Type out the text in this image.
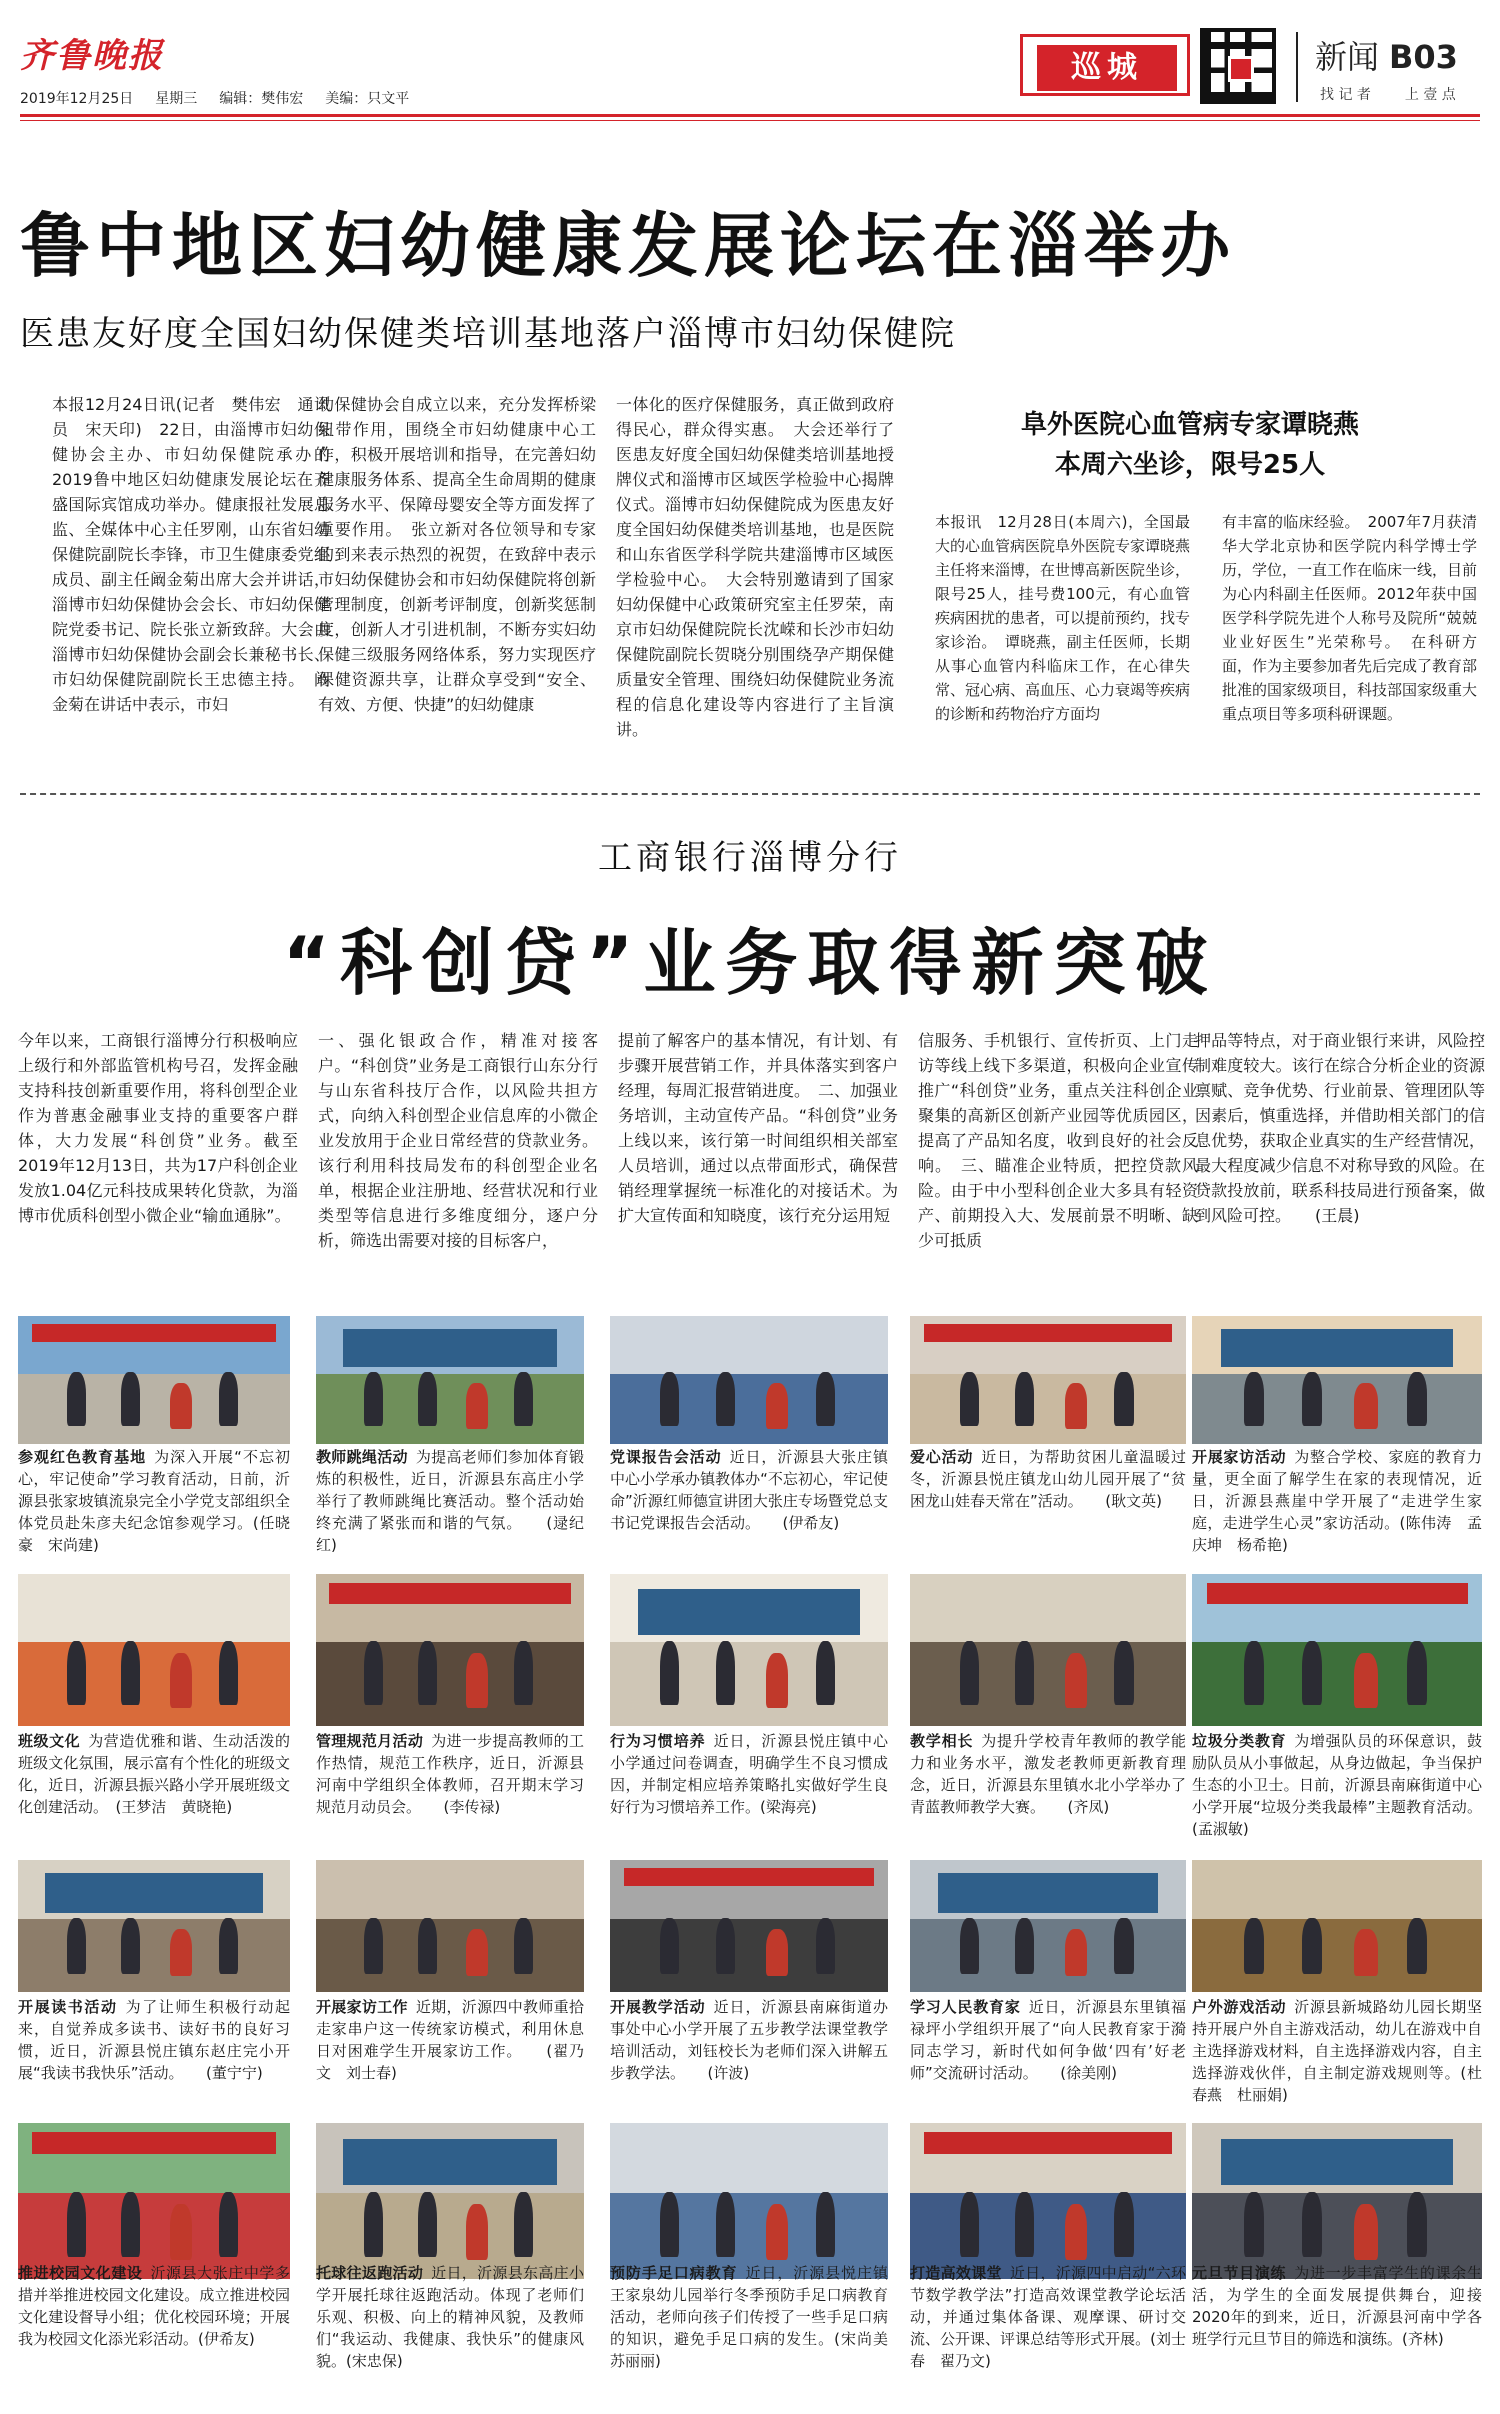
齐鲁晚报
2019年12月25日 星期三 编辑：樊伟宏 美编：只文平
巡城	新闻 B03
找 记 者 上 壹 点
鲁中地区妇幼健康发展论坛在淄举办
医患友好度全国妇幼保健类培训基地落户淄博市妇幼保健院
本报12月24日讯(记者　樊伟宏　通讯员　宋天印)　22日，由淄博市妇幼保健协会主办、市妇幼保健院承办的2019鲁中地区妇幼健康发展论坛在齐盛国际宾馆成功举办。健康报社发展总监、全媒体中心主任罗刚，山东省妇幼保健院副院长李锋，市卫生健康委党组成员、副主任阚金菊出席大会并讲话，淄博市妇幼保健协会会长、市妇幼保健院党委书记、院长张立新致辞。大会由淄博市妇幼保健协会副会长兼秘书长、市妇幼保健院副院长王忠德主持。　阚金菊在讲话中表示，市妇
幼保健协会自成立以来，充分发挥桥梁纽带作用，围绕全市妇幼健康中心工作，积极开展培训和指导，在完善妇幼健康服务体系、提高全生命周期的健康服务水平、保障母婴安全等方面发挥了重要作用。　张立新对各位领导和专家的到来表示热烈的祝贺，在致辞中表示市妇幼保健协会和市妇幼保健院将创新管理制度，创新考评制度，创新奖惩制度，创新人才引进机制，不断夯实妇幼保健三级服务网络体系，努力实现医疗保健资源共享，让群众享受到“安全、有效、方便、快捷”的妇幼健康
一体化的医疗保健服务，真正做到政府得民心，群众得实惠。　大会还举行了医患友好度全国妇幼保健类培训基地授牌仪式和淄博市区域医学检验中心揭牌仪式。淄博市妇幼保健院成为医患友好度全国妇幼保健类培训基地，也是医院和山东省医学科学院共建淄博市区域医学检验中心。　大会特别邀请到了国家妇幼保健中心政策研究室主任罗荣，南京市妇幼保健院院长沈嵘和长沙市妇幼保健院副院长贺晓分别围绕孕产期保健质量安全管理、围绕妇幼保健院业务流程的信息化建设等内容进行了主旨演讲。
阜外医院心血管病专家谭晓燕
本周六坐诊，限号25人
本报讯　12月28日(本周六)，全国最大的心血管病医院阜外医院专家谭晓燕主任将来淄博，在世博高新医院坐诊，限号25人，挂号费100元，有心血管疾病困扰的患者，可以提前预约，找专家诊治。　谭晓燕，副主任医师，长期从事心血管内科临床工作，在心律失常、冠心病、高血压、心力衰竭等疾病的诊断和药物治疗方面均
有丰富的临床经验。　2007年7月获清华大学北京协和医学院内科学博士学历，学位，一直工作在临床一线，目前为心内科副主任医师。2012年获中国医学科学院先进个人称号及院所“兢兢业业好医生”光荣称号。　在科研方面，作为主要参加者先后完成了教育部批准的国家级项目，科技部国家级重大重点项目等多项科研课题。
工商银行淄博分行
“科创贷”业务取得新突破
今年以来，工商银行淄博分行积极响应上级行和外部监管机构号召，发挥金融支持科技创新重要作用，将科创型企业作为普惠金融事业支持的重要客户群体，大力发展“科创贷”业务。截至2019年12月13日，共为17户科创企业发放1.04亿元科技成果转化贷款，为淄博市优质科创型小微企业“输血通脉”。
一、强化银政合作，精准对接客户。“科创贷”业务是工商银行山东分行与山东省科技厅合作，以风险共担方式，向纳入科创型企业信息库的小微企业发放用于企业日常经营的贷款业务。该行利用科技局发布的科创型企业名单，根据企业注册地、经营状况和行业类型等信息进行多维度细分，逐户分析，筛选出需要对接的目标客户，
提前了解客户的基本情况，有计划、有步骤开展营销工作，并具体落实到客户经理，每周汇报营销进度。　二、加强业务培训，主动宣传产品。“科创贷”业务上线以来，该行第一时间组织相关部室人员培训，通过以点带面形式，确保营销经理掌握统一标准化的对接话术。为扩大宣传面和知晓度，该行充分运用短
信服务、手机银行、宣传折页、上门走访等线上线下多渠道，积极向企业宣传推广“科创贷”业务，重点关注科创企业聚集的高新区创新产业园等优质园区，提高了产品知名度，收到良好的社会反响。　三、瞄准企业特质，把控贷款风险。由于中小型科创企业大多具有轻资产、前期投入大、发展前景不明晰、缺少可抵质
押品等特点，对于商业银行来讲，风险控制难度较大。该行在综合分析企业的资源禀赋、竞争优势、行业前景、管理团队等因素后，慎重选择，并借助相关部门的信息优势，获取企业真实的生产经营情况，最大程度减少信息不对称导致的风险。在贷款投放前，联系科技局进行预备案，做到风险可控。　　(王晨)
参观红色教育基地 为深入开展“不忘初心，牢记使命”学习教育活动，日前，沂源县张家坡镇流泉完全小学党支部组织全体党员赴朱彦夫纪念馆参观学习。(任晓豪　宋尚建)
教师跳绳活动 为提高老师们参加体育锻炼的积极性，近日，沂源县东高庄小学举行了教师跳绳比赛活动。整个活动始终充满了紧张而和谐的气氛。　　(逯纪红)
党课报告会活动 近日，沂源县大张庄镇中心小学承办镇教体办“不忘初心，牢记使命”沂源红师德宣讲团大张庄专场暨党总支书记党课报告会活动。　　(伊希友)
爱心活动 近日，为帮助贫困儿童温暖过冬，沂源县悦庄镇龙山幼儿园开展了“贫困龙山娃春天常在”活动。　　(耿文英)
开展家访活动 为整合学校、家庭的教育力量，更全面了解学生在家的表现情况，近日，沂源县燕崖中学开展了“走进学生家庭，走进学生心灵”家访活动。(陈伟涛　孟庆坤　杨希艳)
班级文化 为营造优雅和谐、生动活泼的班级文化氛围，展示富有个性化的班级文化，近日，沂源县振兴路小学开展班级文化创建活动。　(王梦洁　黄晓艳)
管理规范月活动 为进一步提高教师的工作热情，规范工作秩序，近日，沂源县河南中学组织全体教师，召开期末学习规范月动员会。　　(李传禄)
行为习惯培养 近日，沂源县悦庄镇中心小学通过问卷调查，明确学生不良习惯成因，并制定相应培养策略扎实做好学生良好行为习惯培养工作。(梁海亮)
教学相长 为提升学校青年教师的教学能力和业务水平，激发老教师更新教育理念，近日，沂源县东里镇水北小学举办了青蓝教师教学大赛。　　(齐凤)
垃圾分类教育 为增强队员的环保意识，鼓励队员从小事做起，从身边做起，争当保护生态的小卫士。日前，沂源县南麻街道中心小学开展“垃圾分类我最棒”主题教育活动。(孟淑敏)
开展读书活动 为了让师生积极行动起来，自觉养成多读书、读好书的良好习惯，近日，沂源县悦庄镇东赵庄完小开展“我读书我快乐”活动。　　(董宁宁)
开展家访工作 近期，沂源四中教师重拾走家串户这一传统家访模式，利用休息日对困难学生开展家访工作。　　(翟乃文　刘士春)
开展教学活动 近日，沂源县南麻街道办事处中心小学开展了五步教学法课堂教学培训活动，刘钰校长为老师们深入讲解五步教学法。　　(许波)
学习人民教育家 近日，沂源县东里镇福禄坪小学组织开展了“向人民教育家于漪同志学习，新时代如何争做‘四有’好老师”交流研讨活动。　　(徐美刚)
户外游戏活动 沂源县新城路幼儿园长期坚持开展户外自主游戏活动，幼儿在游戏中自主选择游戏材料，自主选择游戏内容，自主选择游戏伙伴，自主制定游戏规则等。(杜春燕　杜丽娟)
推进校园文化建设 沂源县大张庄中学多措并举推进校园文化建设。成立推进校园文化建设督导小组；优化校园环境；开展我为校园文化添光彩活动。(伊希友)
托球往返跑活动 近日，沂源县东高庄小学开展托球往返跑活动。体现了老师们乐观、积极、向上的精神风貌，及教师们“我运动、我健康、我快乐”的健康风貌。(宋忠保)
预防手足口病教育 近日，沂源县悦庄镇王家泉幼儿园举行冬季预防手足口病教育活动，老师向孩子们传授了一些手足口病的知识，避免手足口病的发生。(宋尚美　苏丽丽)
打造高效课堂 近日，沂源四中启动“六环节数学教学法”打造高效课堂教学论坛活动，并通过集体备课、观摩课、研讨交流、公开课、评课总结等形式开展。(刘士春　翟乃文)
元旦节目演练 为进一步丰富学生的课余生活，为学生的全面发展提供舞台，迎接2020年的到来，近日，沂源县河南中学各班学行元旦节目的筛选和演练。(齐林)
